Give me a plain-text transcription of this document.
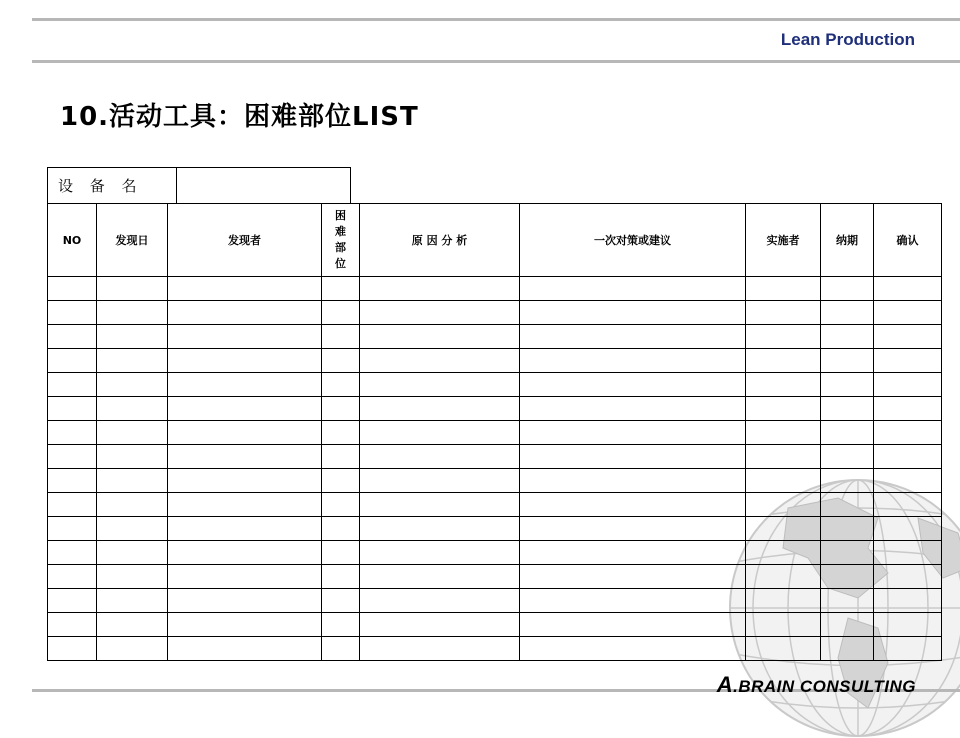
Lean Production
10.活动工具：困难部位LIST
设 备 名	
NO	发现日	发现者	困
难
部
位	原 因 分 析	一次对策或建议	实施者	纳期	确认

A.BRAIN CONSULTING
